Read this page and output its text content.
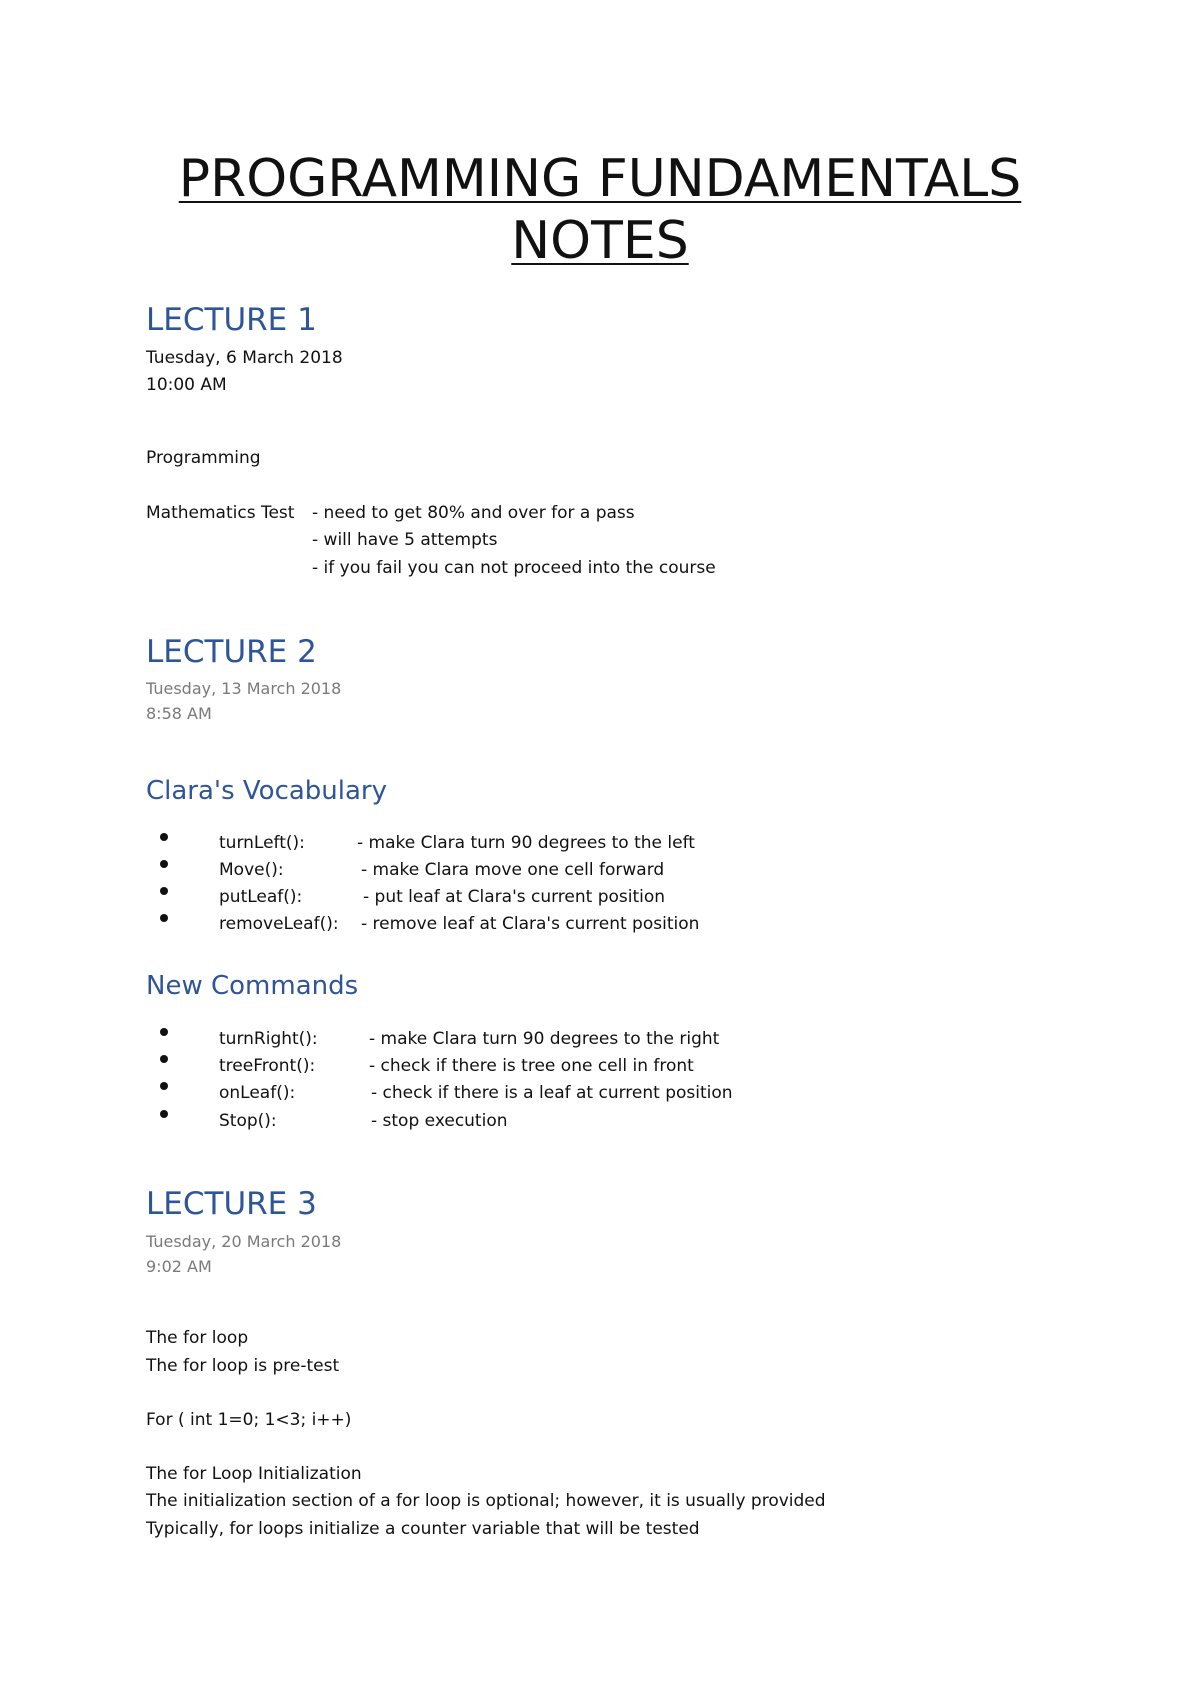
PROGRAMMING FUNDAMENTALS
NOTES
LECTURE 1
Tuesday, 6 March 2018
10:00 AM
Programming
Mathematics Test - need to get 80% and over for a pass
- will have 5 attempts
- if you fail you can not proceed into the course
LECTURE 2
Tuesday, 13 March 2018
8:58 AM
Clara's Vocabulary
turnLeft():	- make Clara turn 90 degrees to the left
Move():	- make Clara move one cell forward
putLeaf():	- put leaf at Clara's current position
removeLeaf(): - remove leaf at Clara's current position
New Commands
turnRight():	- make Clara turn 90 degrees to the right
treeFront():	- check if there is tree one cell in front
onLeaf():	- check if there is a leaf at current position
Stop():	- stop execution
LECTURE 3
Tuesday, 20 March 2018
9:02 AM
The for loop
The for loop is pre-test
For ( int 1=0; 1<3; i++)
The for Loop Initialization
The initialization section of a for loop is optional; however, it is usually provided
Typically, for loops initialize a counter variable that will be tested
